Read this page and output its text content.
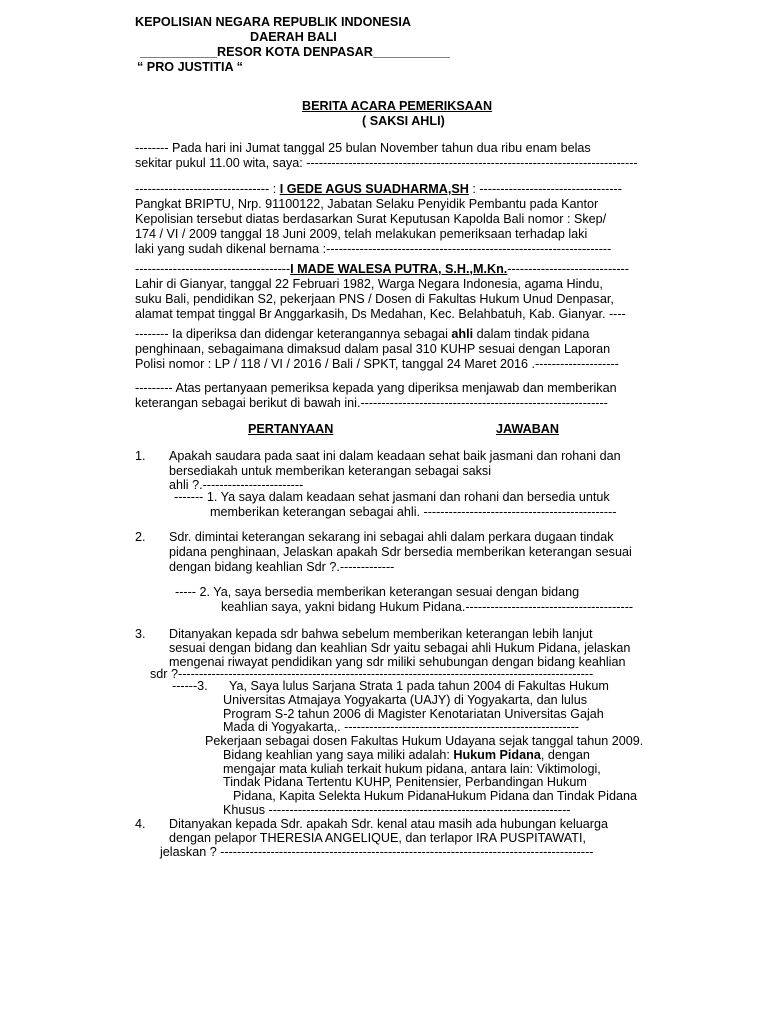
KEPOLISIAN NEGARA REPUBLIK INDONESIA
DAERAH BALI
___________RESOR KOTA DENPASAR___________
“ PRO JUSTITIA “
BERITA ACARA PEMERIKSAAN
( SAKSI AHLI)
-------- Pada hari ini Jumat tanggal 25 bulan November tahun dua ribu enam belas
sekitar pukul 11.00 wita, saya: -------------------------------------------------------------------------------
-------------------------------- : I GEDE AGUS SUADHARMA,SH : ----------------------------------
Pangkat BRIPTU, Nrp. 91100122, Jabatan Selaku Penyidik Pembantu pada Kantor
Kepolisian tersebut diatas berdasarkan Surat Keputusan Kapolda Bali nomor : Skep/
174 / VI / 2009 tanggal 18 Juni 2009, telah melakukan pemeriksaan terhadap laki
laki yang sudah dikenal bernama :--------------------------------------------------------------------
-------------------------------------I MADE WALESA PUTRA, S.H.,M.Kn.-----------------------------
Lahir di Gianyar, tanggal 22 Februari 1982, Warga Negara Indonesia, agama Hindu,
suku Bali, pendidikan S2, pekerjaan PNS / Dosen di Fakultas Hukum Unud Denpasar,
alamat tempat tinggal Br Anggarkasih, Ds Medahan, Kec. Belahbatuh, Kab. Gianyar. ----
-------- Ia diperiksa dan didengar keterangannya sebagai ahli dalam tindak pidana
penghinaan, sebagaimana dimaksud dalam pasal 310 KUHP sesuai dengan Laporan
Polisi nomor : LP / 118 / VI / 2016 / Bali / SPKT, tanggal 24 Maret 2016 .--------------------
--------- Atas pertanyaan pemeriksa kepada yang diperiksa menjawab dan memberikan
keterangan sebagai berikut di bawah ini.-----------------------------------------------------------
PERTANYAAN	JAWABAN
1. Apakah saudara pada saat ini dalam keadaan sehat baik jasmani dan rohani dan
bersediakah untuk memberikan keterangan sebagai saksi
ahli ?.------------------------
------- 1. Ya saya dalam keadaan sehat jasmani dan rohani dan bersedia untuk
memberikan keterangan sebagai ahli. ----------------------------------------------
2. Sdr. dimintai keterangan sekarang ini sebagai ahli dalam perkara dugaan tindak
pidana penghinaan, Jelaskan apakah Sdr bersedia memberikan keterangan sesuai
dengan bidang keahlian Sdr ?.-------------
----- 2. Ya, saya bersedia memberikan keterangan sesuai dengan bidang
keahlian saya, yakni bidang Hukum Pidana.----------------------------------------
3. Ditanyakan kepada sdr bahwa sebelum memberikan keterangan lebih lanjut
sesuai dengan bidang dan keahlian Sdr yaitu sebagai ahli Hukum Pidana, jelaskan
mengenai riwayat pendidikan yang sdr miliki sehubungan dengan bidang keahlian
sdr ?---------------------------------------------------------------------------------------------------
------3. Ya, Saya lulus Sarjana Strata 1 pada tahun 2004 di Fakultas Hukum
Universitas Atmajaya Yogyakarta (UAJY) di Yogyakarta, dan lulus
Program S-2 tahun 2006 di Magister Kenotariatan Universitas Gajah
Mada di Yogyakarta,. --------------------------------------------------------
Pekerjaan sebagai dosen Fakultas Hukum Udayana sejak tanggal tahun 2009.
Bidang keahlian yang saya miliki adalah: Hukum Pidana, dengan
mengajar mata kuliah terkait hukum pidana, antara lain: Viktimologi,
Tindak Pidana Tertentu KUHP, Penitensier, Perbandingan Hukum
Pidana, Kapita Selekta Hukum PidanaHukum Pidana dan Tindak Pidana
Khusus ------------------------------------------------------------------------
4. Ditanyakan kepada Sdr. apakah Sdr. kenal atau masih ada hubungan keluarga
dengan pelapor THERESIA ANGELIQUE, dan terlapor IRA PUSPITAWATI,
jelaskan ? -----------------------------------------------------------------------------------------
